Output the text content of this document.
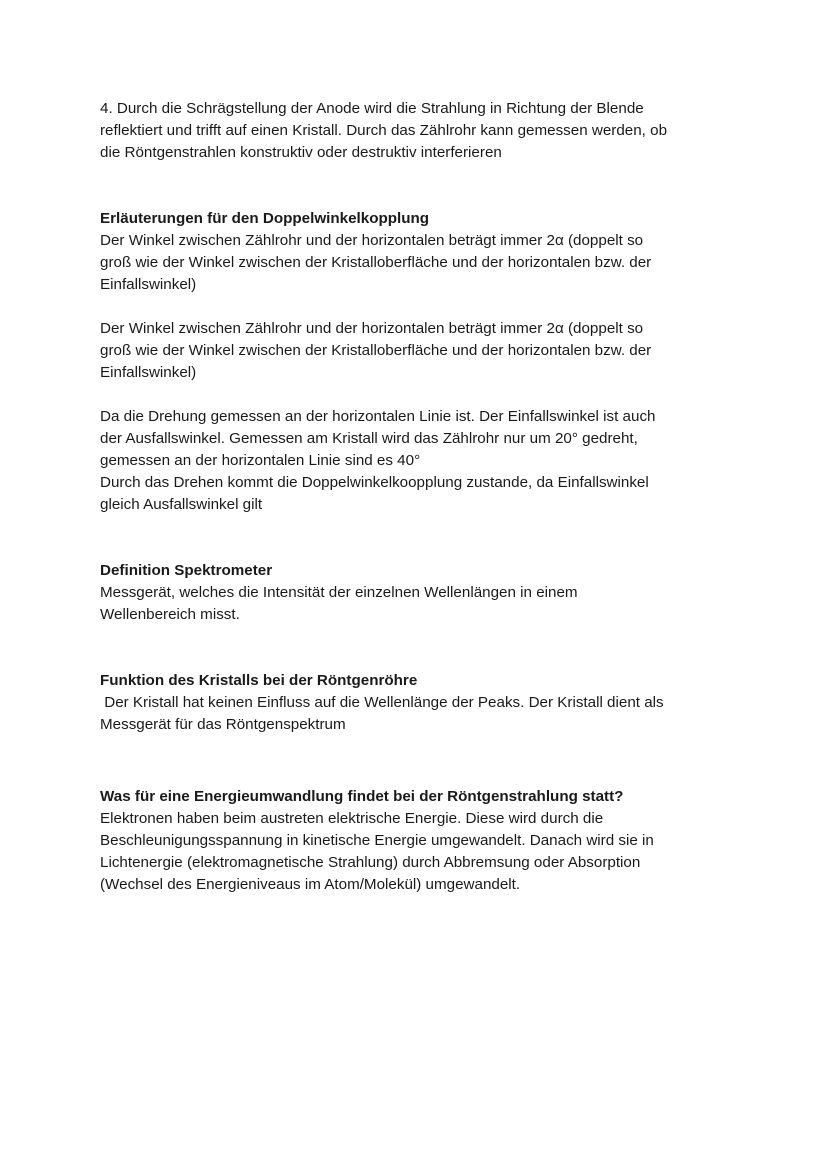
4. Durch die Schrägstellung der Anode wird die Strahlung in Richtung der Blende
reflektiert und trifft auf einen Kristall. Durch das Zählrohr kann gemessen werden, ob
die Röntgenstrahlen konstruktiv oder destruktiv interferieren
Erläuterungen für den Doppelwinkelkopplung
Der Winkel zwischen Zählrohr und der horizontalen beträgt immer 2α (doppelt so
groß wie der Winkel zwischen der Kristalloberfläche und der horizontalen bzw. der
Einfallswinkel)
Der Winkel zwischen Zählrohr und der horizontalen beträgt immer 2α (doppelt so
groß wie der Winkel zwischen der Kristalloberfläche und der horizontalen bzw. der
Einfallswinkel)
Da die Drehung gemessen an der horizontalen Linie ist. Der Einfallswinkel ist auch
der Ausfallswinkel. Gemessen am Kristall wird das Zählrohr nur um 20° gedreht,
gemessen an der horizontalen Linie sind es 40°
Durch das Drehen kommt die Doppelwinkelkoopplung zustande, da Einfallswinkel
gleich Ausfallswinkel gilt
Definition Spektrometer
Messgerät, welches die Intensität der einzelnen Wellenlängen in einem
Wellenbereich misst.
Funktion des Kristalls bei der Röntgenröhre
Der Kristall hat keinen Einfluss auf die Wellenlänge der Peaks. Der Kristall dient als
Messgerät für das Röntgenspektrum
Was für eine Energieumwandlung findet bei der Röntgenstrahlung statt?
Elektronen haben beim austreten elektrische Energie. Diese wird durch die
Beschleunigungsspannung in kinetische Energie umgewandelt. Danach wird sie in
Lichtenergie (elektromagnetische Strahlung) durch Abbremsung oder Absorption
(Wechsel des Energieniveaus im Atom/Molekül) umgewandelt.
